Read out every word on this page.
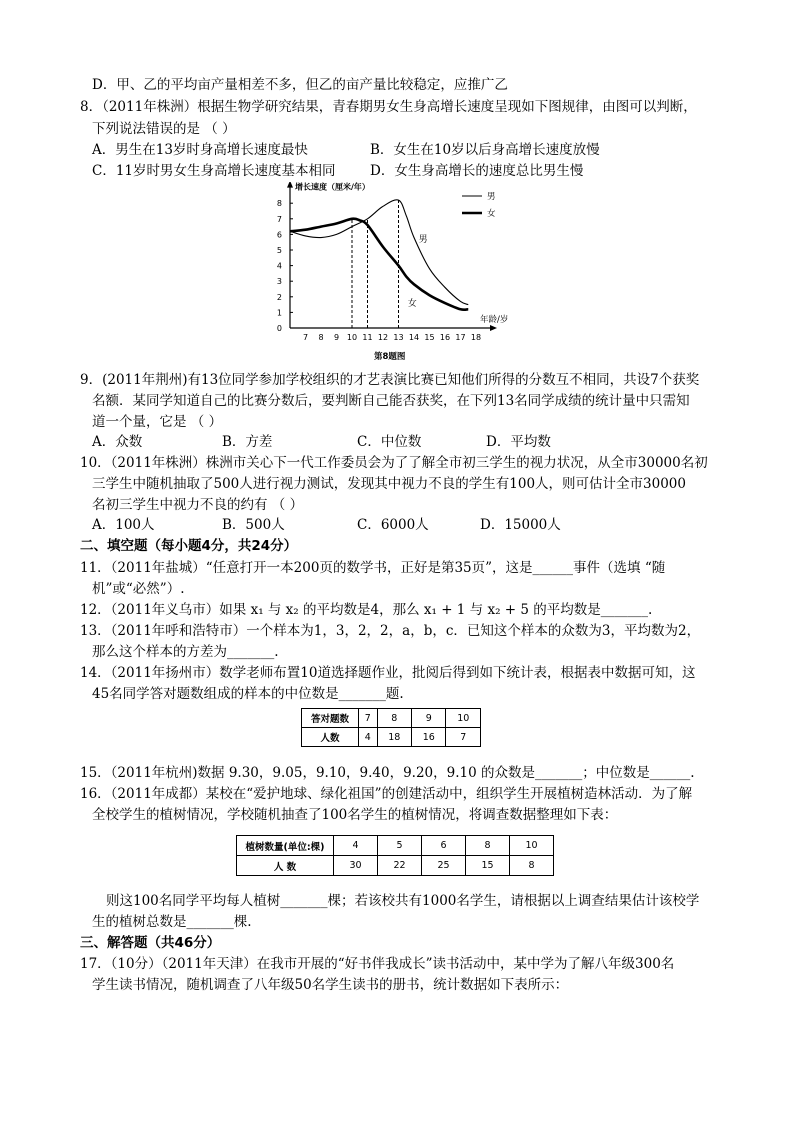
D．甲、乙的平均亩产量相差不多，但乙的亩产量比较稳定，应推广乙
8．（2011年株洲）根据生物学研究结果，青春期男女生身高增长速度呈现如下图规律，由图可以判断，
下列说法错误的是 （ ）
A．男生在13岁时身高增长速度最快	B．女生在10岁以后身高增长速度放慢
C．11岁时男女生身高增长速度基本相同	D．女生身高增长的速度总比男生慢
0
1
2
3
4
5
6
7
8
7 8 9 10 11 12 13 14 15 16 17 18
增长速度（厘米/年）
年龄/岁
男
女
男
女
第8题图
9．(2011年荆州)有13位同学参加学校组织的才艺表演比赛已知他们所得的分数互不相同，共设7个获奖
名额．某同学知道自己的比赛分数后，要判断自己能否获奖，在下列13名同学成绩的统计量中只需知
道一个量，它是 （ ）
A．众数	B．方差	C．中位数	D．平均数
10．（2011年株洲）株洲市关心下一代工作委员会为了了解全市初三学生的视力状况，从全市30000名初
三学生中随机抽取了500人进行视力测试，发现其中视力不良的学生有100人，则可估计全市30000
名初三学生中视力不良的约有 （ ）
A．100人	B．500人	C．6000人	D．15000人
二、填空题（每小题4分，共24分）
11．（2011年盐城）“任意打开一本200页的数学书，正好是第35页”，这是______事件（选填 “随
机”或“必然”）.
12．（2011年义乌市）如果 x₁ 与 x₂ 的平均数是4，那么 x₁ + 1 与 x₂ + 5 的平均数是_______.
13．（2011年呼和浩特市）一个样本为1，3，2，2，a，b，c．已知这个样本的众数为3，平均数为2，
那么这个样本的方差为_______.
14．（2011年扬州市）数学老师布置10道选择题作业，批阅后得到如下统计表，根据表中数据可知，这
45名同学答对题数组成的样本的中位数是_______题.
答对题数	7	8	9	10
人数	4	18	16	7
15．（2011年杭州)数据 9.30，9.05，9.10，9.40，9.20，9.10 的众数是_______；中位数是______.
16．（2011年成都）某校在“爱护地球、绿化祖国”的创建活动中，组织学生开展植树造林活动．为了解
全校学生的植树情况，学校随机抽查了100名学生的植树情况，将调查数据整理如下表：
植树数量(单位:棵)	4	5	6	8	10
人 数	30	22	25	15	8
则这100名同学平均每人植树_______棵；若该校共有1000名学生，请根据以上调查结果估计该校学
生的植树总数是_______棵.
三、解答题（共46分）
17．（10分）（2011年天津）在我市开展的“好书伴我成长”读书活动中，某中学为了解八年级300名
学生读书情况，随机调查了八年级50名学生读书的册书，统计数据如下表所示：
